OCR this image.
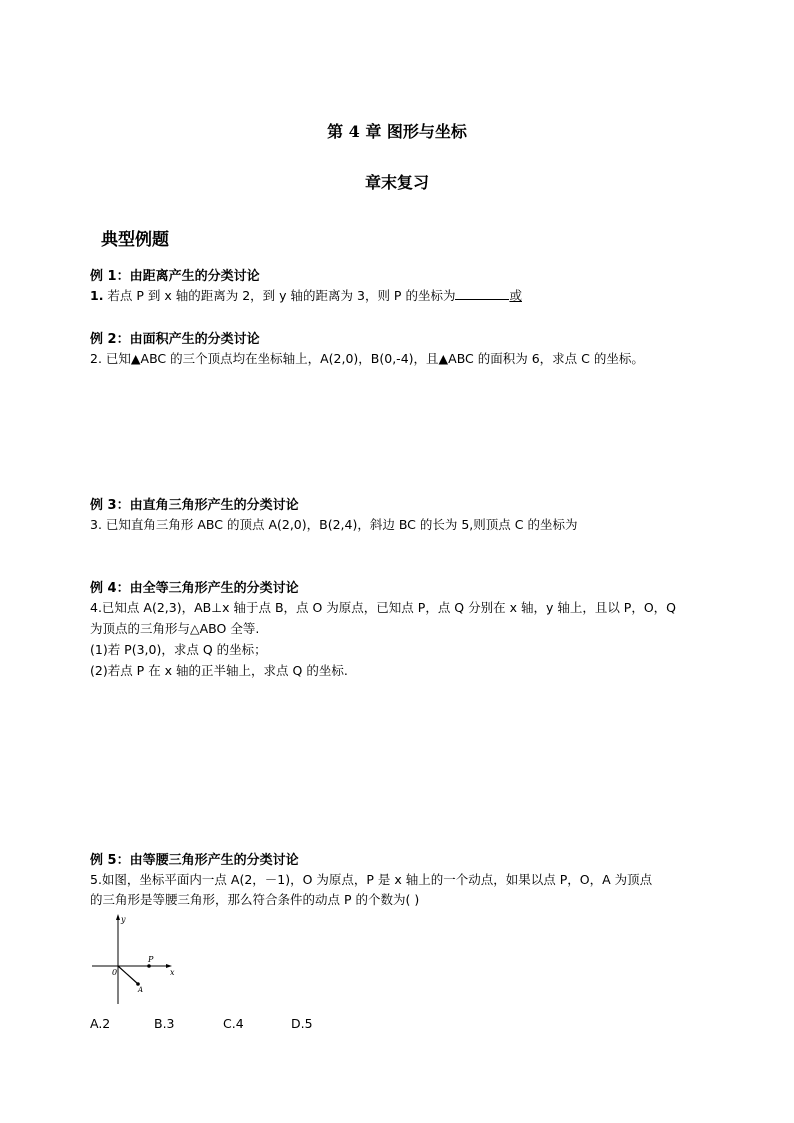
第 4 章 图形与坐标
章末复习
典型例题
例 1：由距离产生的分类讨论
1. 若点 P 到 x 轴的距离为 2，到 y 轴的距离为 3，则 P 的坐标为	或
例 2：由面积产生的分类讨论
2. 已知▲ABC 的三个顶点均在坐标轴上，A(2,0)，B(0,-4)，且▲ABC 的面积为 6，求点 C 的坐标。
例 3：由直角三角形产生的分类讨论
3. 已知直角三角形 ABC 的顶点 A(2,0)，B(2,4)，斜边 BC 的长为 5,则顶点 C 的坐标为
例 4：由全等三角形产生的分类讨论
4.已知点 A(2,3)，AB⊥x 轴于点 B，点 O 为原点，已知点 P，点 Q 分别在 x 轴，y 轴上，且以 P，O，Q
为顶点的三角形与△ABO 全等.
(1)若 P(3,0)，求点 Q 的坐标；
(2)若点 P 在 x 轴的正半轴上，求点 Q 的坐标.
例 5：由等腰三角形产生的分类讨论
5.如图，坐标平面内一点 A(2，－1)，O 为原点，P 是 x 轴上的一个动点，如果以点 P，O，A 为顶点
的三角形是等腰三角形，那么符合条件的动点 P 的个数为( )
y
x
0
P
A
A.2	B.3	C.4	D.5
